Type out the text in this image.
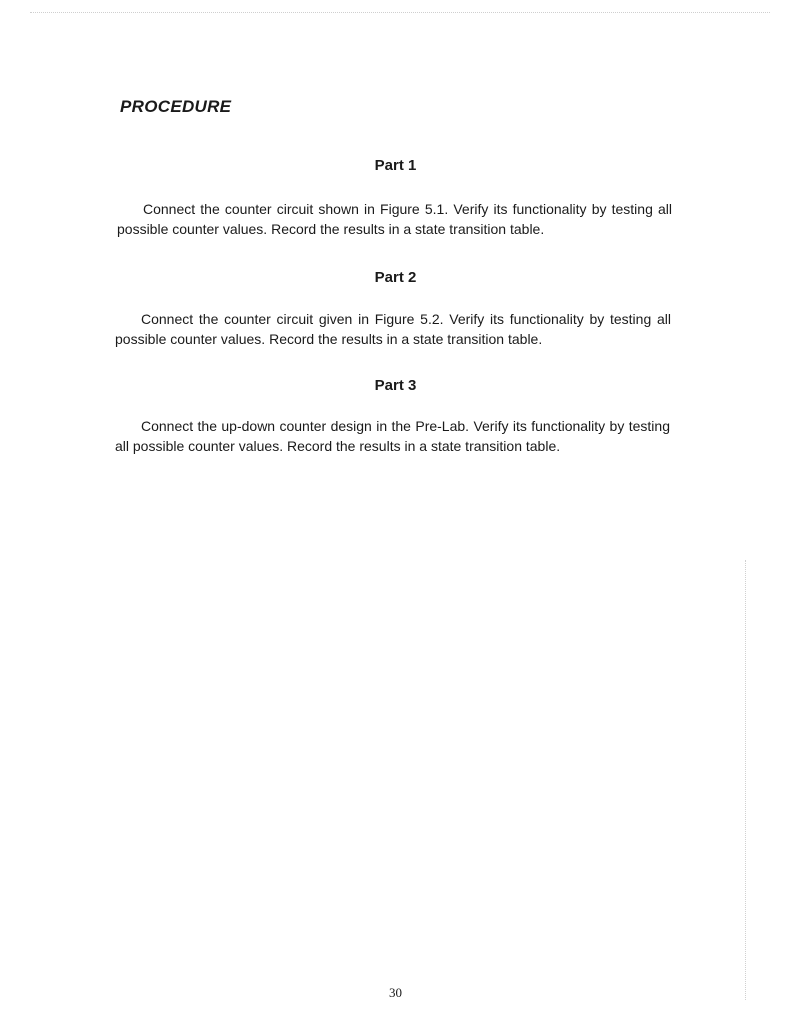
PROCEDURE
Part 1

Connect the counter circuit shown in Figure 5.1. Verify its functionality by testing all possible counter values. Record the results in a state transition table.

Part 2

Connect the counter circuit given in Figure 5.2. Verify its functionality by testing all possible counter values. Record the results in a state transition table.

Part 3

Connect the up-down counter design in the Pre-Lab. Verify its functionality by testing all possible counter values. Record the results in a state transition table.

30
